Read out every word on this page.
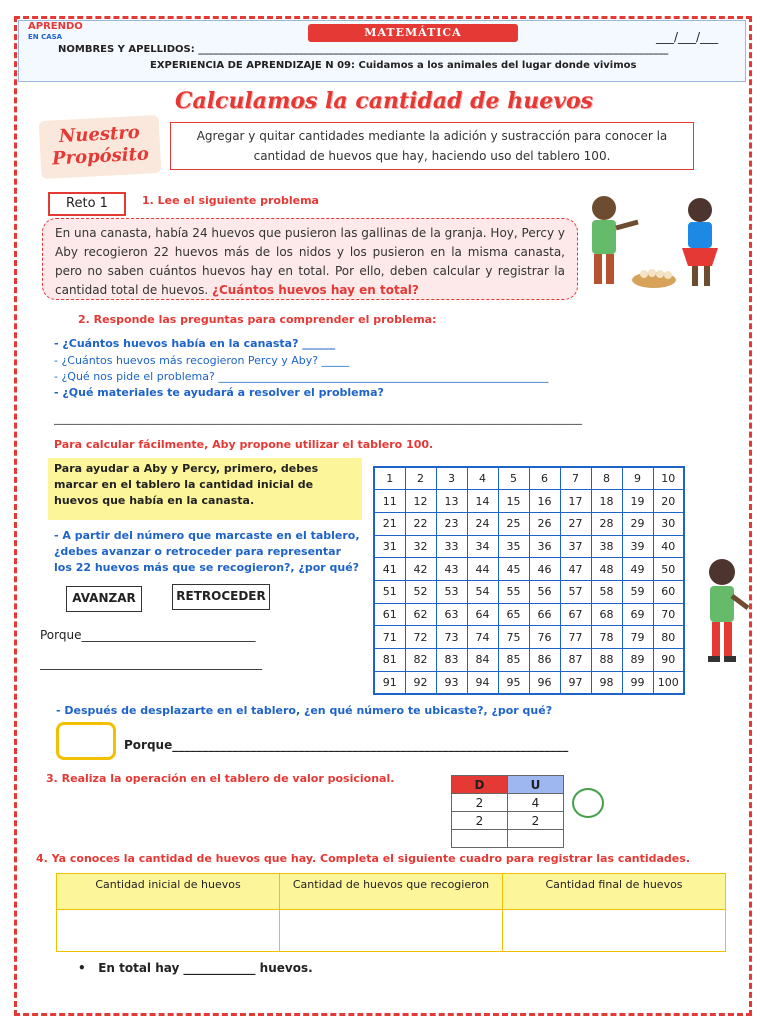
APRENDO
EN CASA	MATEMÁTICA	___/___/___
NOMBRES Y APELLIDOS: ______________________________________________________________________________________________
EXPERIENCIA DE APRENDIZAJE N 09: Cuidamos a los animales del lugar donde vivimos
Calculamos la cantidad de huevos
Nuestro
Propósito
Agregar y quitar cantidades mediante la adición y sustracción para conocer la cantidad de huevos que hay, haciendo uso del tablero 100.
Reto 1	1. Lee el siguiente problema
En una canasta, había 24 huevos que pusieron las gallinas de la granja. Hoy, Percy y Aby recogieron 22 huevos más de los nidos y los pusieron en la misma canasta, pero no saben cuántos huevos hay en total. Por ello, deben calcular y registrar la cantidad total de huevos. ¿Cuántos huevos hay en total?
2. Responde las preguntas para comprender el problema:
- ¿Cuántos huevos había en la canasta? ______
- ¿Cuántos huevos más recogieron Percy y Aby? _____
- ¿Qué nos pide el problema? ____________________________________________________________
- ¿Qué materiales te ayudará a resolver el problema?
________________________________________________________________________________________________
Para calcular fácilmente, Aby propone utilizar el tablero 100.
Para ayudar a Aby y Percy, primero, debes marcar en el tablero la cantidad inicial de huevos que había en la canasta.
- A partir del número que marcaste en el tablero, ¿debes avanzar o retroceder para representar los 22 huevos más que se recogieron?, ¿por qué?
AVANZAR	RETROCEDER
Porque_____________________________
_____________________________________
1	2	3	4	5	6	7	8	9	10
11	12	13	14	15	16	17	18	19	20
21	22	23	24	25	26	27	28	29	30
31	32	33	34	35	36	37	38	39	40
41	42	43	44	45	46	47	48	49	50
51	52	53	54	55	56	57	58	59	60
61	62	63	64	65	66	67	68	69	70
71	72	73	74	75	76	77	78	79	80
81	82	83	84	85	86	87	88	89	90
91	92	93	94	95	96	97	98	99	100
- Después de desplazarte en el tablero, ¿en qué número te ubicaste?, ¿por qué?
Porque__________________________________________________________________
3. Realiza la operación en el tablero de valor posicional.	D	U
2	4
2	2

4. Ya conoces la cantidad de huevos que hay. Completa el siguiente cuadro para registrar las cantidades.
Cantidad inicial de huevos	Cantidad de huevos que recogieron	Cantidad final de huevos

•   En total hay ____________ huevos.
